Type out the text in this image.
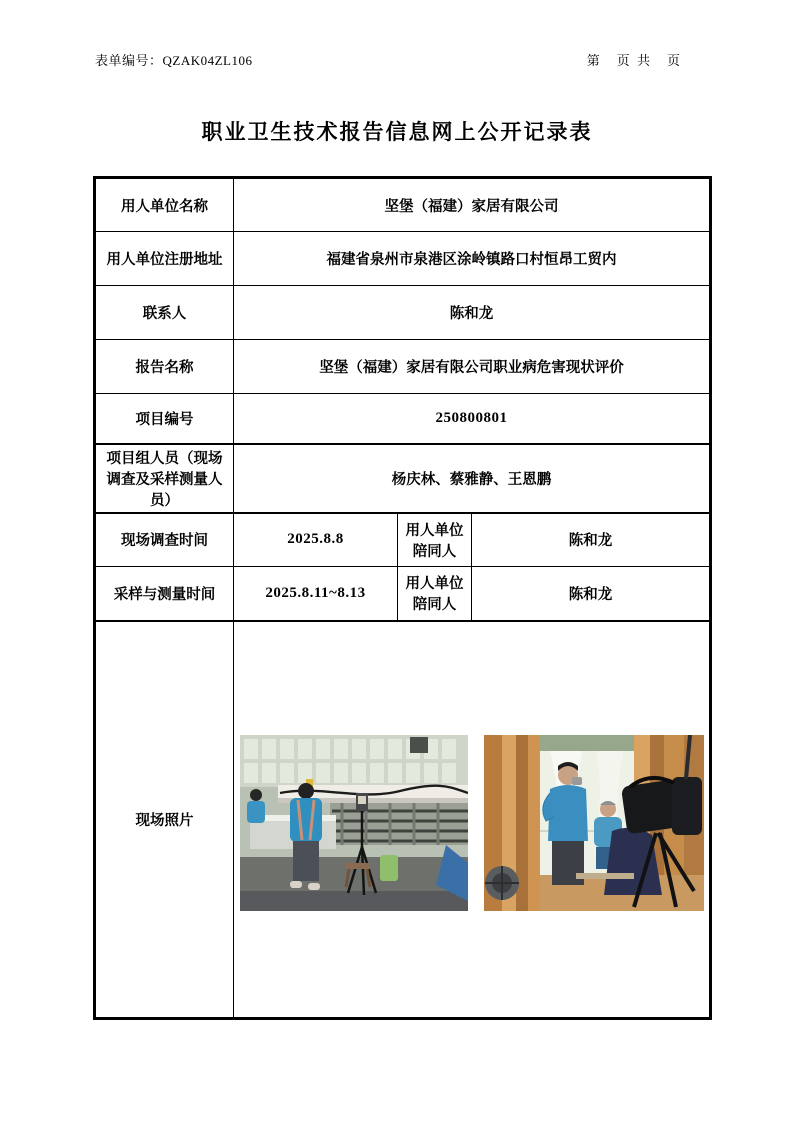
表单编号：QZAK04ZL106	第　页 共　页
职业卫生技术报告信息网上公开记录表
用人单位名称	坚堡（福建）家居有限公司		
用人单位注册地址	福建省泉州市泉港区涂岭镇路口村恒昂工贸内		
联系人	陈和龙		
报告名称	坚堡（福建）家居有限公司职业病危害现状评价		
项目编号	250800801		
项目组人员（现场调查及采样测量人员）	杨庆林、蔡雅静、王恩鹏		
现场调查时间	2025.8.8	用人单位陪同人	陈和龙
采样与测量时间	2025.8.11~8.13	用人单位陪同人	陈和龙
现场照片	
